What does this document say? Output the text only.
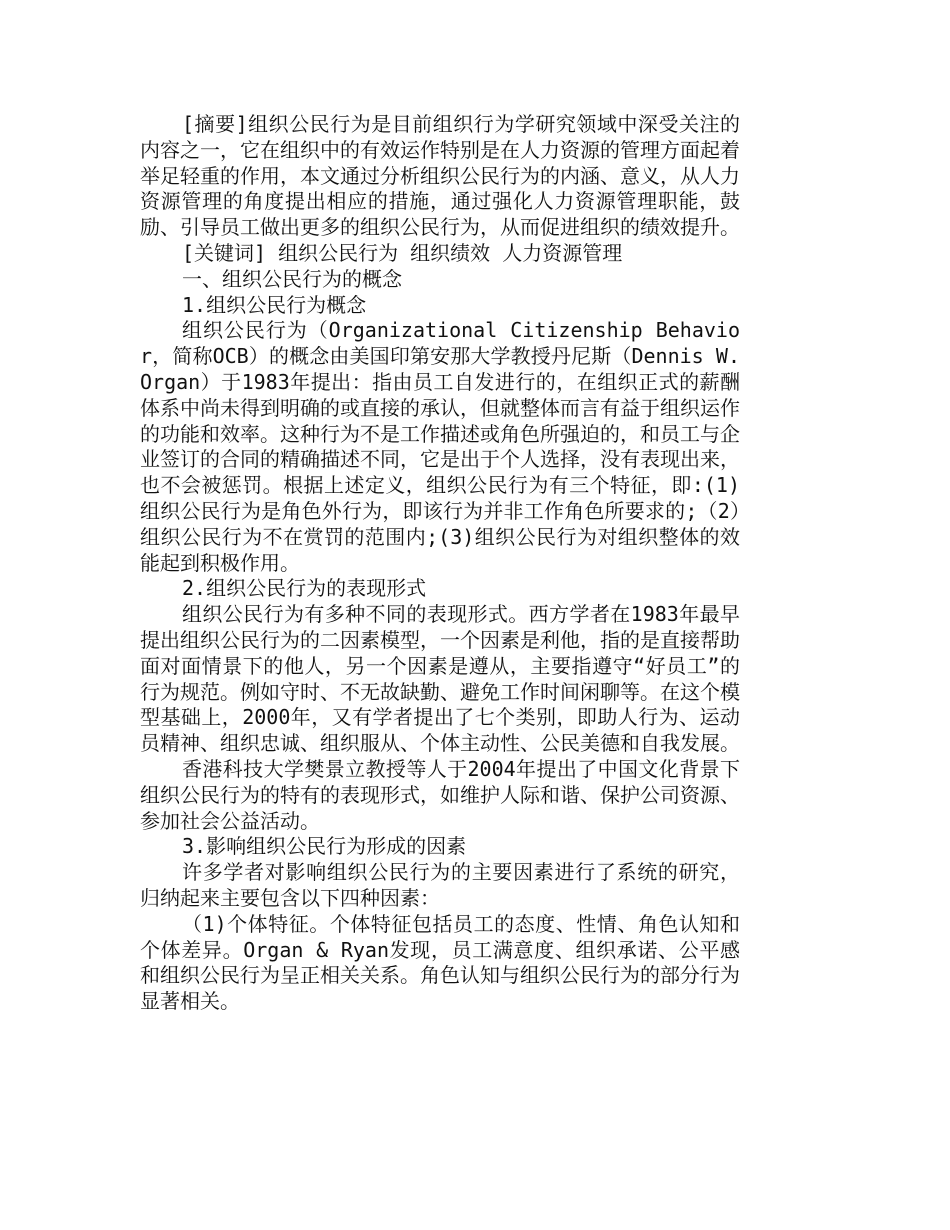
[摘要]组织公民行为是目前组织行为学研究领域中深受关注的内容之一，它在组织中的有效运作特别是在人力资源的管理方面起着举足轻重的作用，本文通过分析组织公民行为的内涵、意义，从人力资源管理的角度提出相应的措施，通过强化人力资源管理职能，鼓励、引导员工做出更多的组织公民行为，从而促进组织的绩效提升。

[关键词] 组织公民行为 组织绩效 人力资源管理

一、组织公民行为的概念

1.组织公民行为概念

组织公民行为（Organizational Citizenship Behavior，简称OCB）的概念由美国印第安那大学教授丹尼斯（Dennis W.Organ）于1983年提出：指由员工自发进行的，在组织正式的薪酬体系中尚未得到明确的或直接的承认，但就整体而言有益于组织运作的功能和效率。这种行为不是工作描述或角色所强迫的，和员工与企业签订的合同的精确描述不同，它是出于个人选择，没有表现出来，也不会被惩罚。根据上述定义，组织公民行为有三个特征，即:(1)组织公民行为是角色外行为，即该行为并非工作角色所要求的;（2）组织公民行为不在赏罚的范围内;(3)组织公民行为对组织整体的效能起到积极作用。

2.组织公民行为的表现形式

组织公民行为有多种不同的表现形式。西方学者在1983年最早提出组织公民行为的二因素模型，一个因素是利他，指的是直接帮助面对面情景下的他人，另一个因素是遵从，主要指遵守“好员工”的行为规范。例如守时、不无故缺勤、避免工作时间闲聊等。在这个模型基础上，2000年，又有学者提出了七个类别，即助人行为、运动员精神、组织忠诚、组织服从、个体主动性、公民美德和自我发展。

香港科技大学樊景立教授等人于2004年提出了中国文化背景下组织公民行为的特有的表现形式，如维护人际和谐、保护公司资源、参加社会公益活动。

3.影响组织公民行为形成的因素

许多学者对影响组织公民行为的主要因素进行了系统的研究，归纳起来主要包含以下四种因素：

（1)个体特征。个体特征包括员工的态度、性情、角色认知和个体差异。Organ & Ryan发现，员工满意度、组织承诺、公平感和组织公民行为呈正相关关系。角色认知与组织公民行为的部分行为显著相关。
